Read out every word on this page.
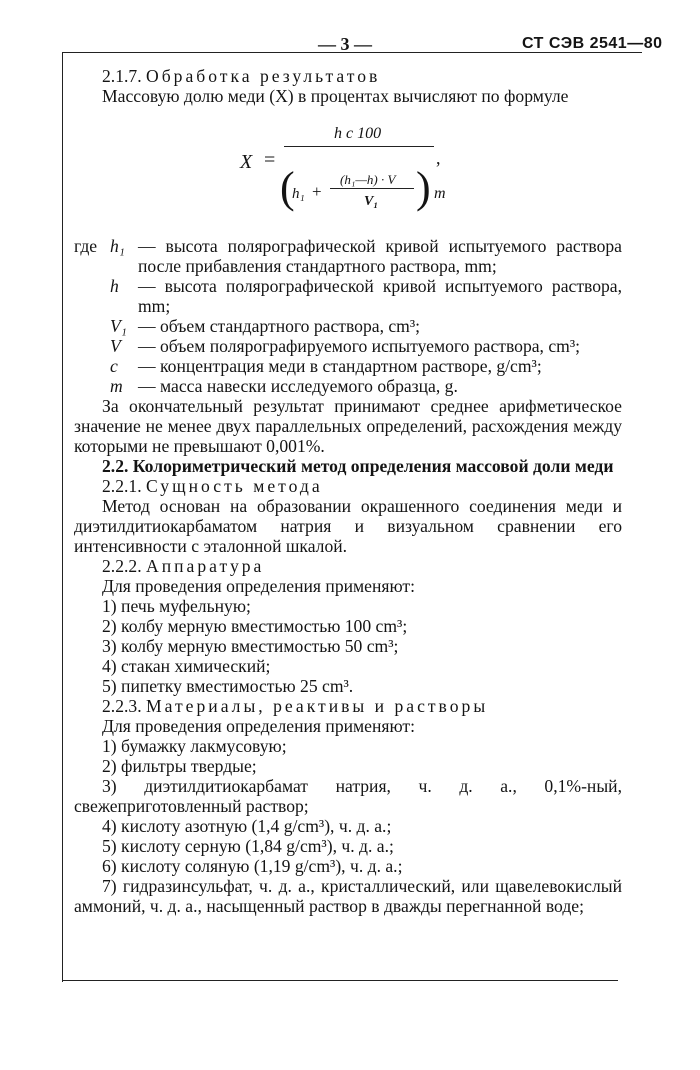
— 3 —	СТ СЭВ 2541—80

2.1.7. Обработка результатов

Массовую долю меди (X) в процентах вычисляют по формуле

X =
h c 100
,
(
h₁ +
(h₁—h) · V
V₁ ) m
где h₁ — высота полярографической кривой испытуемого раствора после прибавления стандартного раствора, mm;
h — высота полярографической кривой испытуемого раствора, mm;
V₁ — объем стандартного раствора, cm³;
V — объем полярографируемого испытуемого раствора, cm³;
c — концентрация меди в стандартном растворе, g/cm³;
m — масса навески исследуемого образца, g.

За окончательный результат принимают среднее арифметическое значение не менее двух параллельных определений, расхождения между которыми не превышают 0,001%.

2.2. Колориметрический метод определения массовой доли меди

2.2.1. Сущность метода

Метод основан на образовании окрашенного соединения меди и диэтилдитиокарбаматом натрия и визуальном сравнении его интенсивности с эталонной шкалой.

2.2.2. Аппаратура

Для проведения определения применяют:

1) печь муфельную;

2) колбу мерную вместимостью 100 cm³;

3) колбу мерную вместимостью 50 cm³;

4) стакан химический;

5) пипетку вместимостью 25 cm³.

2.2.3. Материалы, реактивы и растворы

Для проведения определения применяют:

1) бумажку лакмусовую;

2) фильтры твердые;

3) диэтилдитиокарбамат натрия, ч. д. а., 0,1%-ный, свежеприготовленный раствор;

4) кислоту азотную (1,4 g/cm³), ч. д. а.;

5) кислоту серную (1,84 g/cm³), ч. д. а.;

6) кислоту соляную (1,19 g/cm³), ч. д. а.;

7) гидразинсульфат, ч. д. а., кристаллический, или щавелевокислый аммоний, ч. д. а., насыщенный раствор в дважды перегнанной воде;
